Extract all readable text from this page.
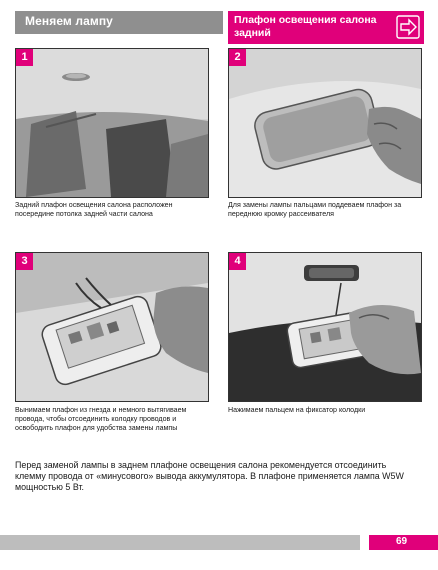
Меняем лампу	Плафон освещения салона задний
1
Задний плафон освещения салона расположен посередине потолка задней части салона
2
Для замены лампы пальцами поддеваем плафон за переднюю кромку рассеивателя
3
Вынимаем плафон из гнезда и немного вытягиваем провода, чтобы отсоединить колодку проводов и освободить плафон для удобства замены лампы
4
Нажимаем пальцем на фиксатор колодки
Перед заменой лампы в заднем плафоне освещения салона рекомендуется отсоединить клемму провода от «минусового» вывода аккумулятора. В плафоне применяется лампа W5W мощностью 5 Вт.
69
